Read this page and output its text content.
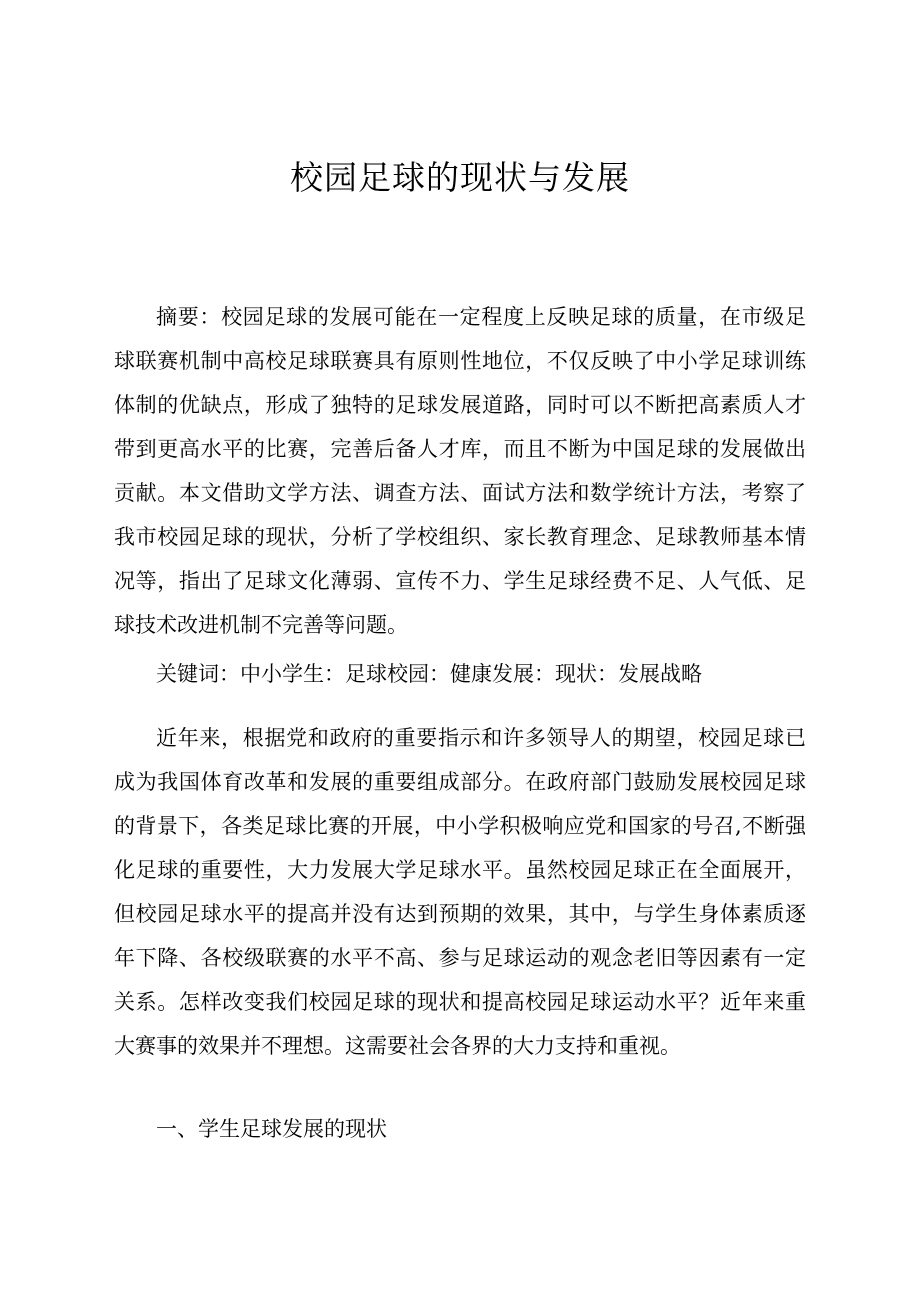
校园足球的现状与发展

摘要：校园足球的发展可能在一定程度上反映足球的质量，在市级足球联赛机制中高校足球联赛具有原则性地位，不仅反映了中小学足球训练体制的优缺点，形成了独特的足球发展道路，同时可以不断把高素质人才带到更高水平的比赛，完善后备人才库，而且不断为中国足球的发展做出贡献。本文借助文学方法、调查方法、面试方法和数学统计方法，考察了我市校园足球的现状，分析了学校组织、家长教育理念、足球教师基本情况等，指出了足球文化薄弱、宣传不力、学生足球经费不足、人气低、足球技术改进机制不完善等问题。

关键词：中小学生：足球校园：健康发展：现状：发展战略

近年来，根据党和政府的重要指示和许多领导人的期望，校园足球已成为我国体育改革和发展的重要组成部分。在政府部门鼓励发展校园足球的背景下，各类足球比赛的开展，中小学积极响应党和国家的号召,不断强化足球的重要性，大力发展大学足球水平。虽然校园足球正在全面展开，但校园足球水平的提高并没有达到预期的效果，其中，与学生身体素质逐年下降、各校级联赛的水平不高、参与足球运动的观念老旧等因素有一定关系。怎样改变我们校园足球的现状和提高校园足球运动水平？近年来重大赛事的效果并不理想。这需要社会各界的大力支持和重视。

一、学生足球发展的现状
